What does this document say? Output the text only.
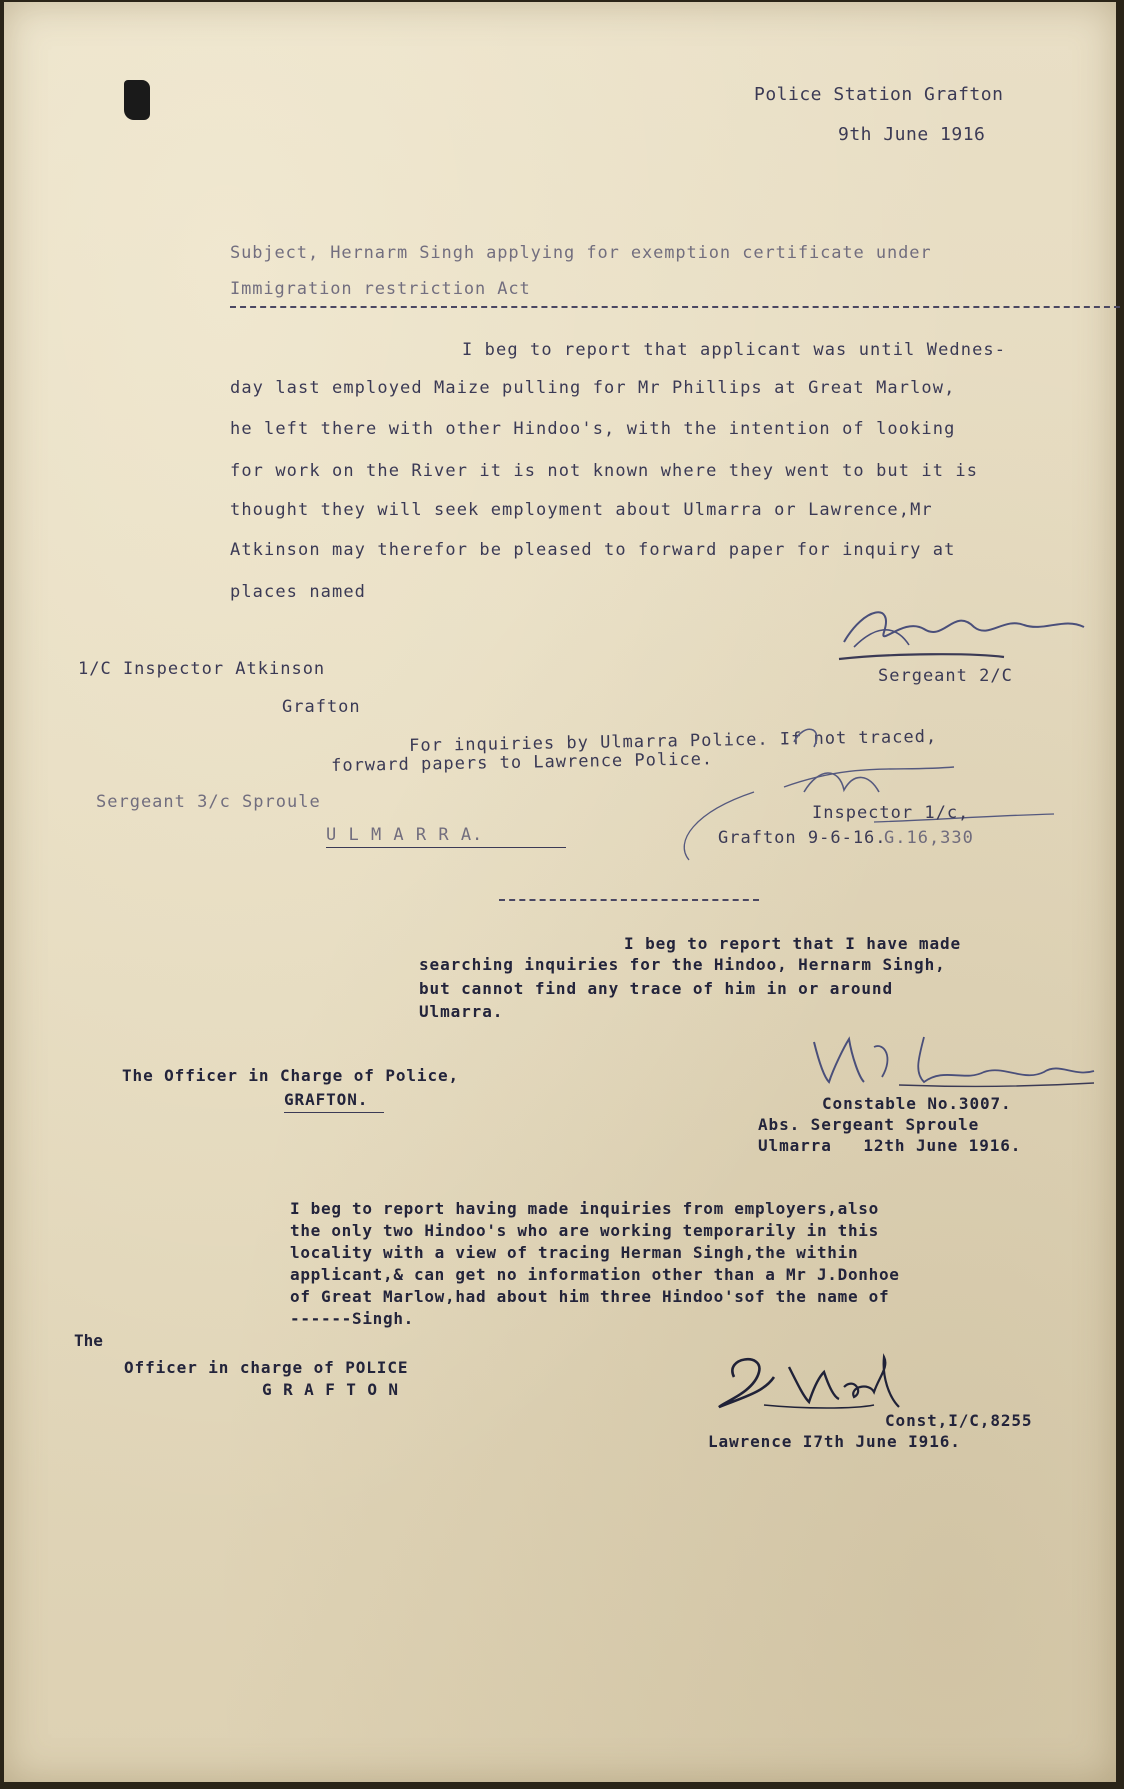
Police Station Grafton
9th June 1916
Subject, Hernarm Singh applying for exemption certificate under
Immigration restriction Act
I beg to report that applicant was until Wednes-
day last employed Maize pulling for Mr Phillips at Great Marlow,
he left there with other Hindoo's, with the intention of looking
for work on the River it is not known where they went to but it is
thought they will seek employment about Ulmarra or Lawrence,Mr
Atkinson may therefor be pleased to forward paper for inquiry at
places named
Sergeant 2/C
1/C Inspector Atkinson
Grafton
For inquiries by Ulmarra Police. If not traced,
forward papers to Lawrence Police.
Sergeant 3/c Sproule
U L M A R R A.
Inspector 1/c,
Grafton 9-6-16.
G.16,330
I beg to report that I have made
searching inquiries for the Hindoo, Hernarm Singh,
but cannot find any trace of him in or around
Ulmarra.
The Officer in Charge of Police,
GRAFTON.	Constable No.3007.
Abs. Sergeant Sproule
Ulmarra   12th June 1916.
I beg to report having made inquiries from employers,also
the only two Hindoo's who are working temporarily in this
locality with a view of tracing Herman Singh,the within
applicant,& can get no information other than a Mr J.Donhoe
of Great Marlow,had about him three Hindoo'sof the name of
------Singh.
The
Officer in charge of POLICE
G R A F T O N
Const,I/C,8255
Lawrence I7th June I916.
